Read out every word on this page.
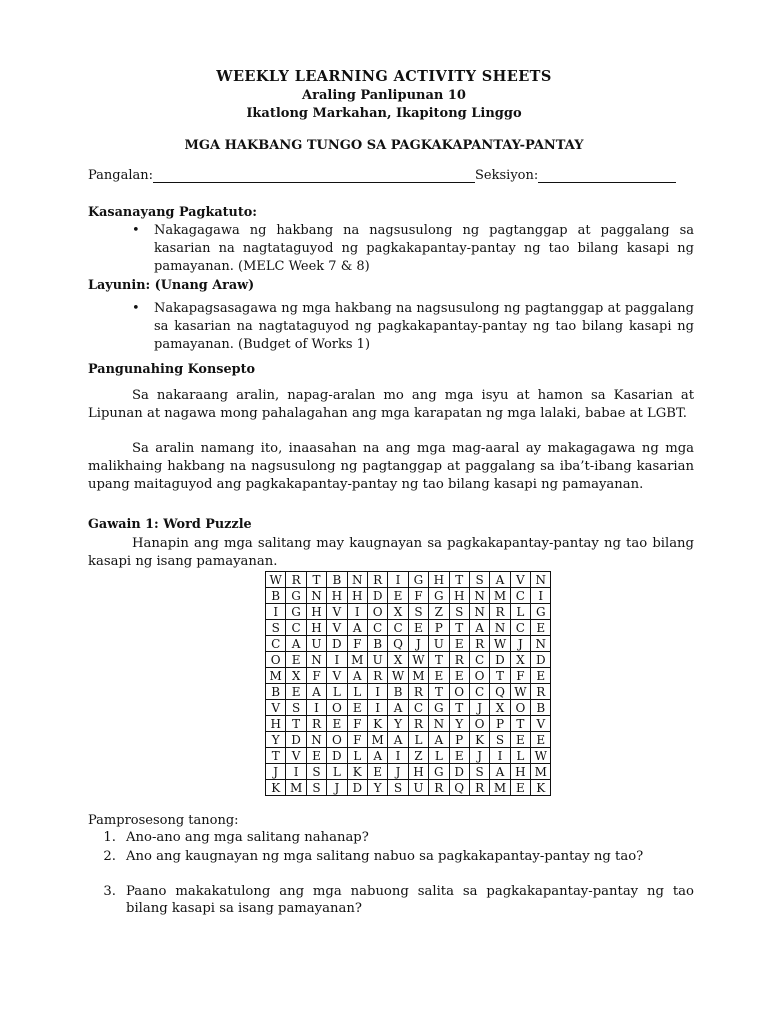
WEEKLY LEARNING ACTIVITY SHEETS
Araling Panlipunan 10
Ikatlong Markahan, Ikapitong Linggo
MGA HAKBANG TUNGO SA PAGKAKAPANTAY-PANTAY
Pangalan:	Seksiyon:
Kasanayang Pagkatuto:
•	Nakagagawa ng hakbang na nagsusulong ng pagtanggap at paggalang sa kasarian na nagtataguyod ng pagkakapantay-pantay ng tao bilang kasapi ng pamayanan. (MELC Week 7 & 8)
Layunin: (Unang Araw)
•	Nakapagsasagawa ng mga hakbang na nagsusulong ng pagtanggap at paggalang sa kasarian na nagtataguyod ng pagkakapantay-pantay ng tao bilang kasapi ng pamayanan. (Budget of Works 1)
Pangunahing Konsepto

Sa nakaraang aralin, napag-aralan mo ang mga isyu at hamon sa Kasarian at Lipunan at nagawa mong pahalagahan ang mga karapatan ng mga lalaki, babae at LGBT.

Sa aralin namang ito, inaasahan na ang mga mag-aaral ay makagagawa ng mga malikhaing hakbang na nagsusulong ng pagtanggap at paggalang sa iba’t-ibang kasarian upang maitaguyod ang pagkakapantay-pantay ng tao bilang kasapi ng pamayanan.

Gawain 1: Word Puzzle

Hanapin ang mga salitang may kaugnayan sa pagkakapantay-pantay ng tao bilang kasapi ng isang pamayanan.

W	R	T	B	N	R	I	G	H	T	S	A	V	N
B	G	N	H	H	D	E	F	G	H	N	M	C	I
I	G	H	V	I	O	X	S	Z	S	N	R	L	G
S	C	H	V	A	C	C	E	P	T	A	N	C	E
C	A	U	D	F	B	Q	J	U	E	R	W	J	N
O	E	N	I	M	U	X	W	T	R	C	D	X	D
M	X	F	V	A	R	W	M	E	E	O	T	F	E
B	E	A	L	L	I	B	R	T	O	C	Q	W	R
V	S	I	O	E	I	A	C	G	T	J	X	O	B
H	T	R	E	F	K	Y	R	N	Y	O	P	T	V
Y	D	N	O	F	M	A	L	A	P	K	S	E	E
T	V	E	D	L	A	I	Z	L	E	J	I	L	W
J	I	S	L	K	E	J	H	G	D	S	A	H	M
K	M	S	J	D	Y	S	U	R	Q	R	M	E	K
Pamprosesong tanong:
1. Ano-ano ang mga salitang nahanap?
2. Ano ang kaugnayan ng mga salitang nabuo sa pagkakapantay-pantay ng tao?
3. Paano makakatulong ang mga nabuong salita sa pagkakapantay-pantay ng tao bilang kasapi sa isang pamayanan?
